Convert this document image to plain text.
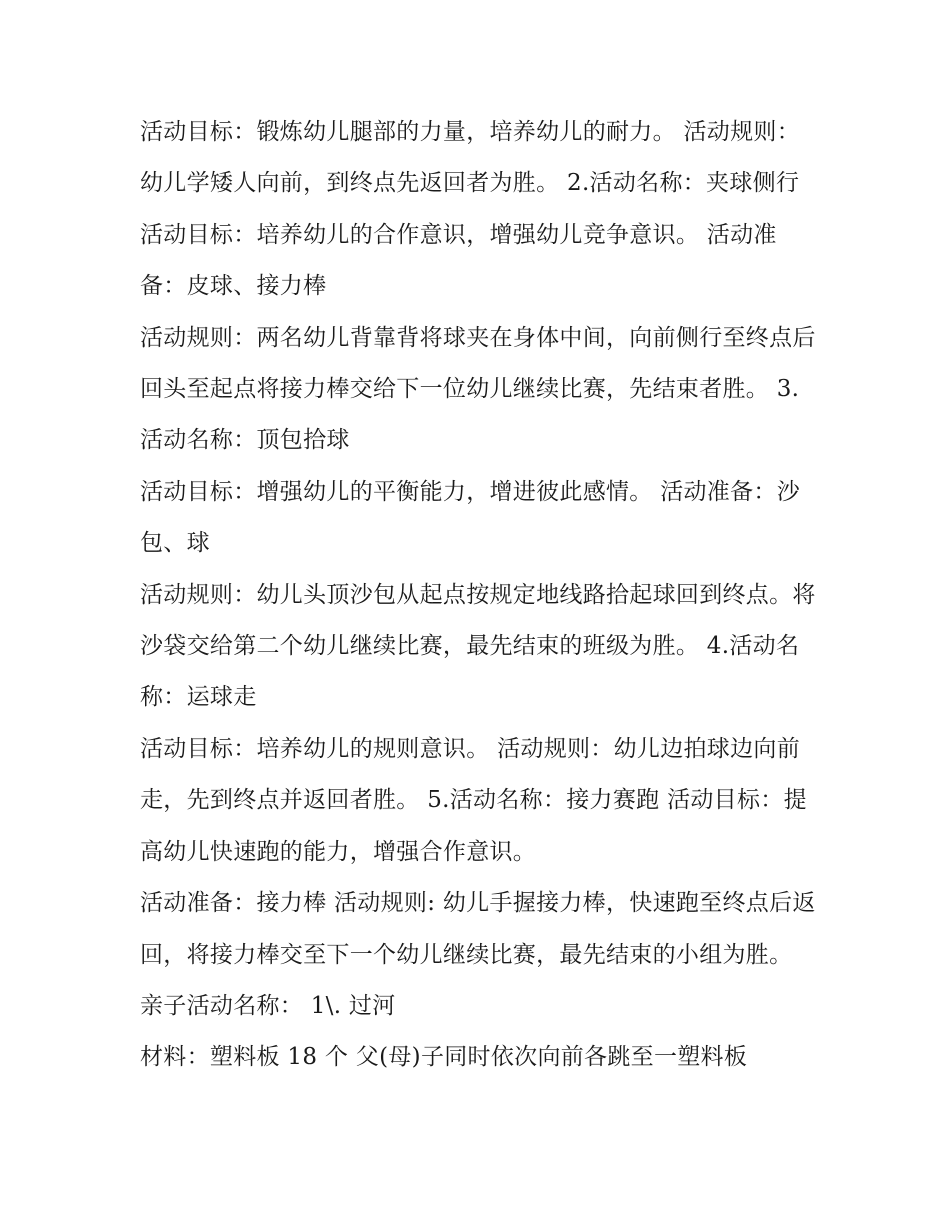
活动目标：锻炼幼儿腿部的力量，培养幼儿的耐力。 活动规则：幼儿学矮人向前，到终点先返回者为胜。 2.活动名称：夹球侧行

活动目标：培养幼儿的合作意识，增强幼儿竞争意识。 活动准备：皮球、接力棒

活动规则：两名幼儿背靠背将球夹在身体中间，向前侧行至终点后回头至起点将接力棒交给下一位幼儿继续比赛，先结束者胜。 3.活动名称：顶包拾球

活动目标：增强幼儿的平衡能力，增进彼此感情。 活动准备：沙包、球

活动规则：幼儿头顶沙包从起点按规定地线路拾起球回到终点。将沙袋交给第二个幼儿继续比赛，最先结束的班级为胜。 4.活动名称：运球走

活动目标：培养幼儿的规则意识。 活动规则：幼儿边拍球边向前走，先到终点并返回者胜。 5.活动名称：接力赛跑 活动目标：提高幼儿快速跑的能力，增强合作意识。

活动准备：接力棒 活动规则: 幼儿手握接力棒，快速跑至终点后返回，将接力棒交至下一个幼儿继续比赛，最先结束的小组为胜。 亲子活动名称： 1\. 过河

材料：塑料板 18 个 父(母)子同时依次向前各跳至一塑料板
